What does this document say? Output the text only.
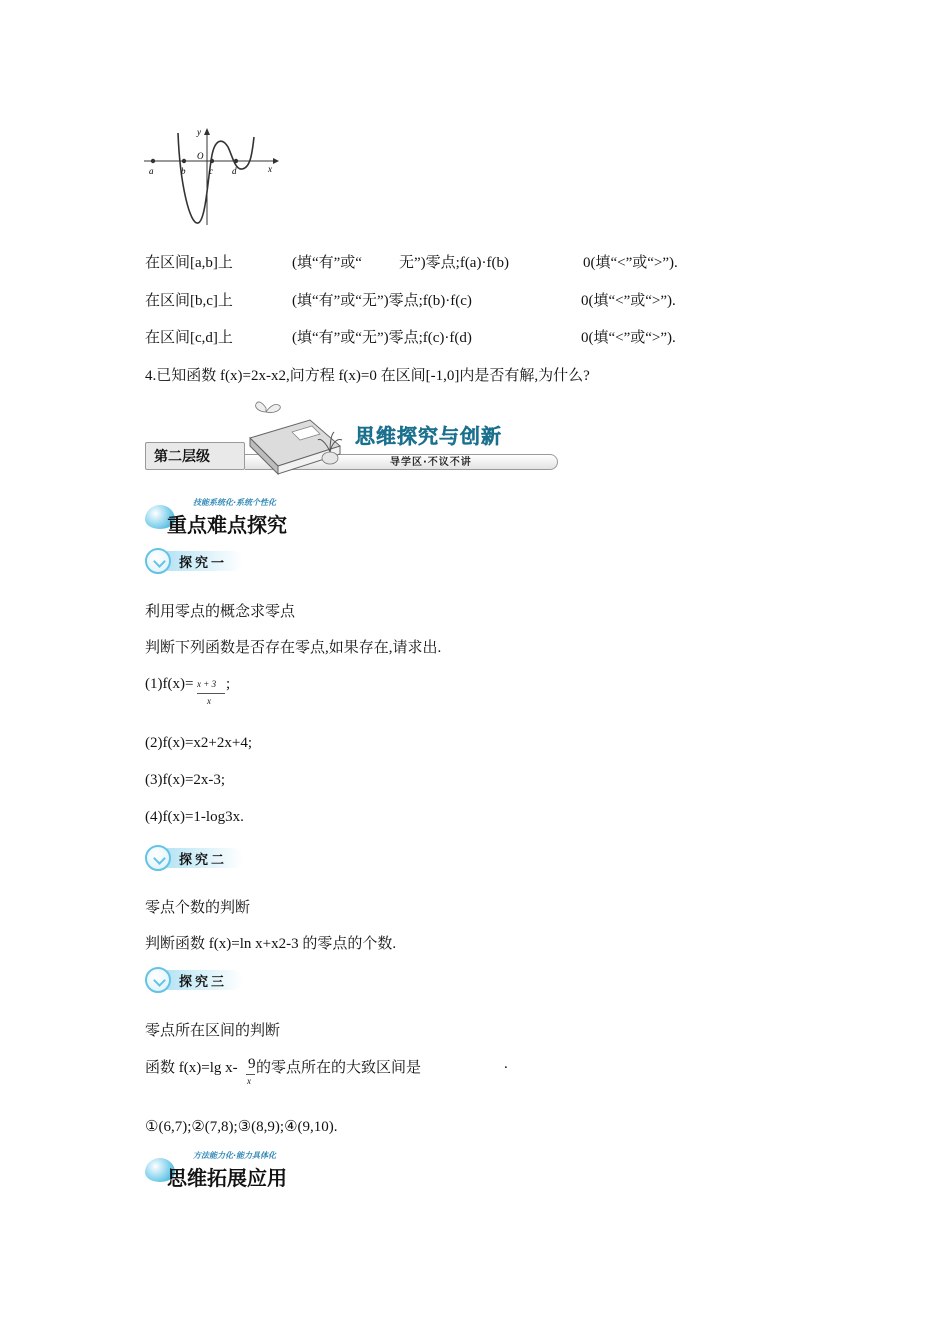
y
x
O
a	b	c d
在区间[a,b]上	(填“有”或“ 无”)零点;f(a)·f(b)	0(填“<”或“>”).
在区间[b,c]上	(填“有”或“无”)零点;f(b)·f(c)	0(填“<”或“>”).
在区间[c,d]上	(填“有”或“无”)零点;f(c)·f(d)	0(填“<”或“>”).
4.已知函数 f(x)=2x-x2,问方程 f(x)=0 在区间[-1,0]内是否有解,为什么?
第二层级
思维探究与创新
导学区·不议不讲
技能系统化·系统个性化
重点难点探究
探究一
利用零点的概念求零点
判断下列函数是否存在零点,如果存在,请求出.
(1)f(x)= x + 3
x
;
(2)f(x)=x2+2x+4;
(3)f(x)=2x-3;
(4)f(x)=1-log3x.
探究二
零点个数的判断
判断函数 f(x)=ln x+x2-3 的零点的个数.
探究三
零点所在区间的判断
函数 f(x)=lg x- 9
x
的零点所在的大致区间是	.
①(6,7);②(7,8);③(8,9);④(9,10).
方法能力化·能力具体化
思维拓展应用
